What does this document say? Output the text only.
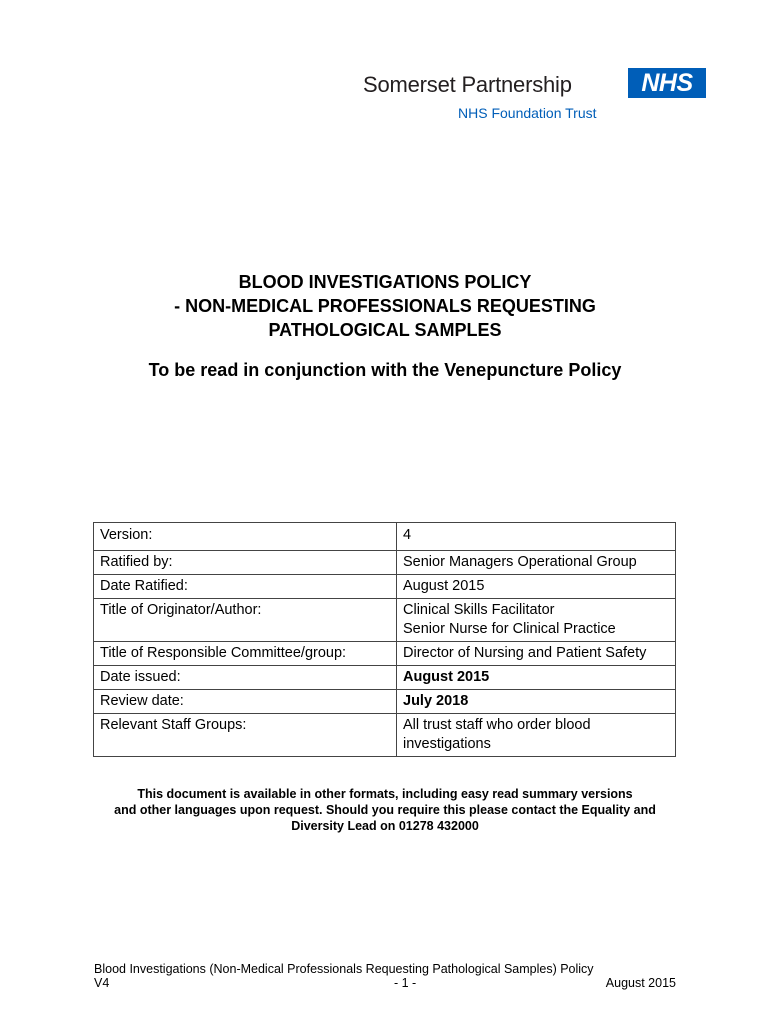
Somerset Partnership	NHS
NHS Foundation Trust
BLOOD INVESTIGATIONS POLICY
- NON-MEDICAL PROFESSIONALS REQUESTING
PATHOLOGICAL SAMPLES
To be read in conjunction with the Venepuncture Policy
Version:	4
Ratified by:	Senior Managers Operational Group
Date Ratified:	August 2015
Title of Originator/Author:	Clinical Skills Facilitator
Senior Nurse for Clinical Practice

Title of Responsible Committee/group:	Director of Nursing and Patient Safety
Date issued:	August 2015
Review date:	July 2018
Relevant Staff Groups:	All trust staff who order blood
investigations
This document is available in other formats, including easy read summary versions
and other languages upon request. Should you require this please contact the Equality and
Diversity Lead on 01278 432000
Blood Investigations (Non-Medical Professionals Requesting Pathological Samples) Policy
V4	- 1 -	August 2015
